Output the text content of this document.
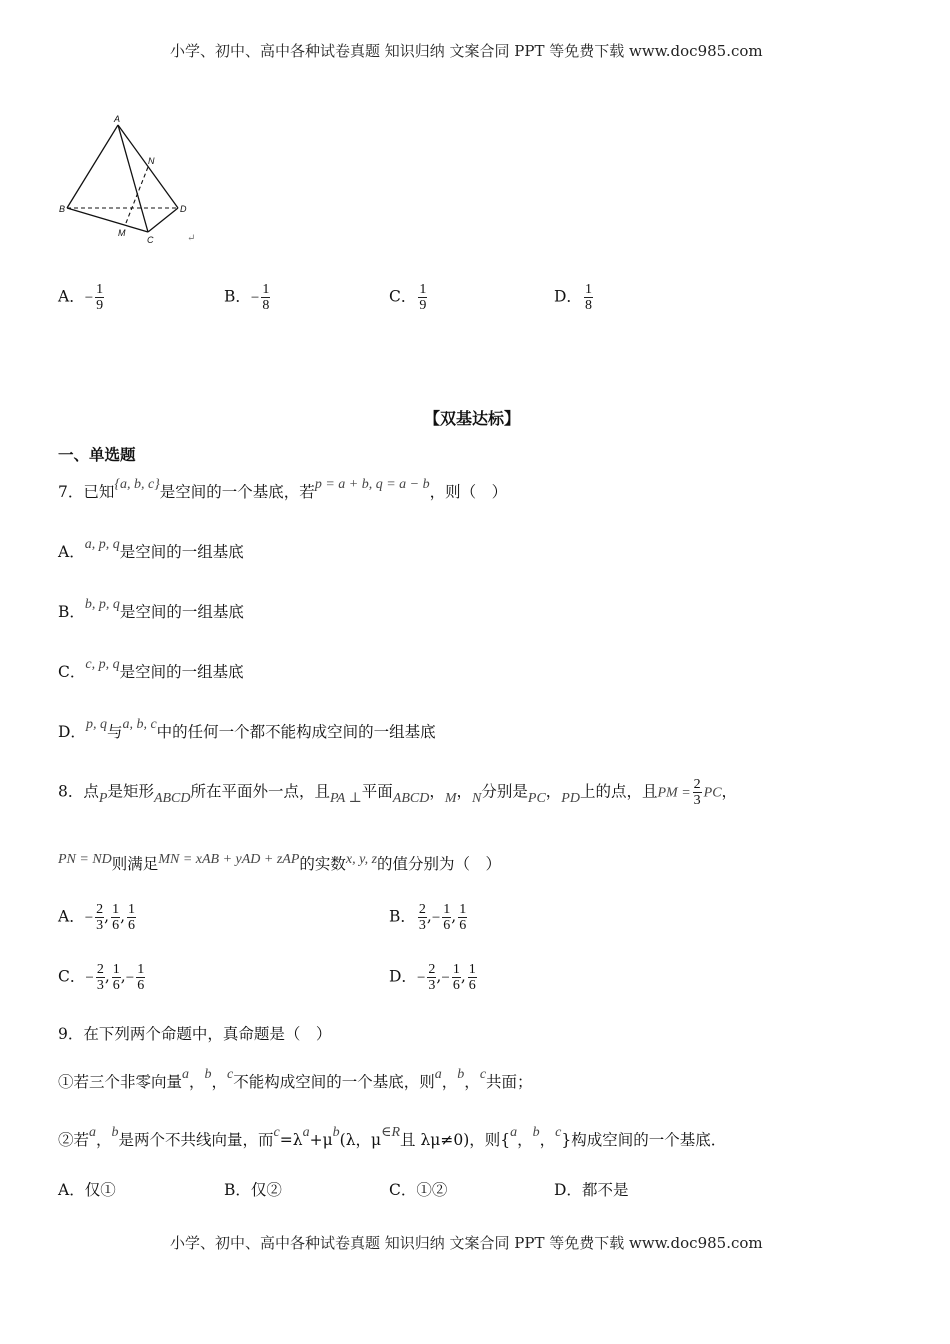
小学、初中、高中各种试卷真题 知识归纳 文案合同 PPT 等免费下载 www.doc985.com
小学、初中、高中各种试卷真题 知识归纳 文案合同 PPT 等免费下载 www.doc985.com
A
B
C
D
M
N
↵
A．− $\frac{1}{9}$	B．− $\frac{1}{8}$	C． $\frac{1}{9}$	D． $\frac{1}{8}$
【双基达标】
一、单选题
7．已知{a, b, c}是空间的一个基底，若p = a + b, q = a − b，则（　）
A．a, p, q是空间的一组基底
B．b, p, q是空间的一组基底
C．c, p, q是空间的一组基底
D．p, q与a, b, c中的任何一个都不能构成空间的一组基底
8．点P是矩形ABCD所在平面外一点，且PA ⊥平面ABCD，M，N分别是PC，PD上的点，且PM = $\frac{2}{3}$ PC，
PN = ND则满足MN = xAB + yAD + zAP的实数x, y, z的值分别为（　）
A．− $\frac{2}{3}$ , $\frac{1}{6}$ , $\frac{1}{6}$	B． $\frac{2}{3}$ ,− $\frac{1}{6}$ , $\frac{1}{6}$
C．− $\frac{2}{3}$ , $\frac{1}{6}$ ,− $\frac{1}{6}$	D．− $\frac{2}{3}$ ,− $\frac{1}{6}$ , $\frac{1}{6}$
9．在下列两个命题中，真命题是（　）
①若三个非零向量a，b，c不能构成空间的一个基底，则a，b，c共面；
②若a，b是两个不共线向量，而c=λa+μb(λ，μ∈R且 λμ≠0)，则{a，b，c}构成空间的一个基底．
A．仅①	B．仅②	C．①②	D．都不是
